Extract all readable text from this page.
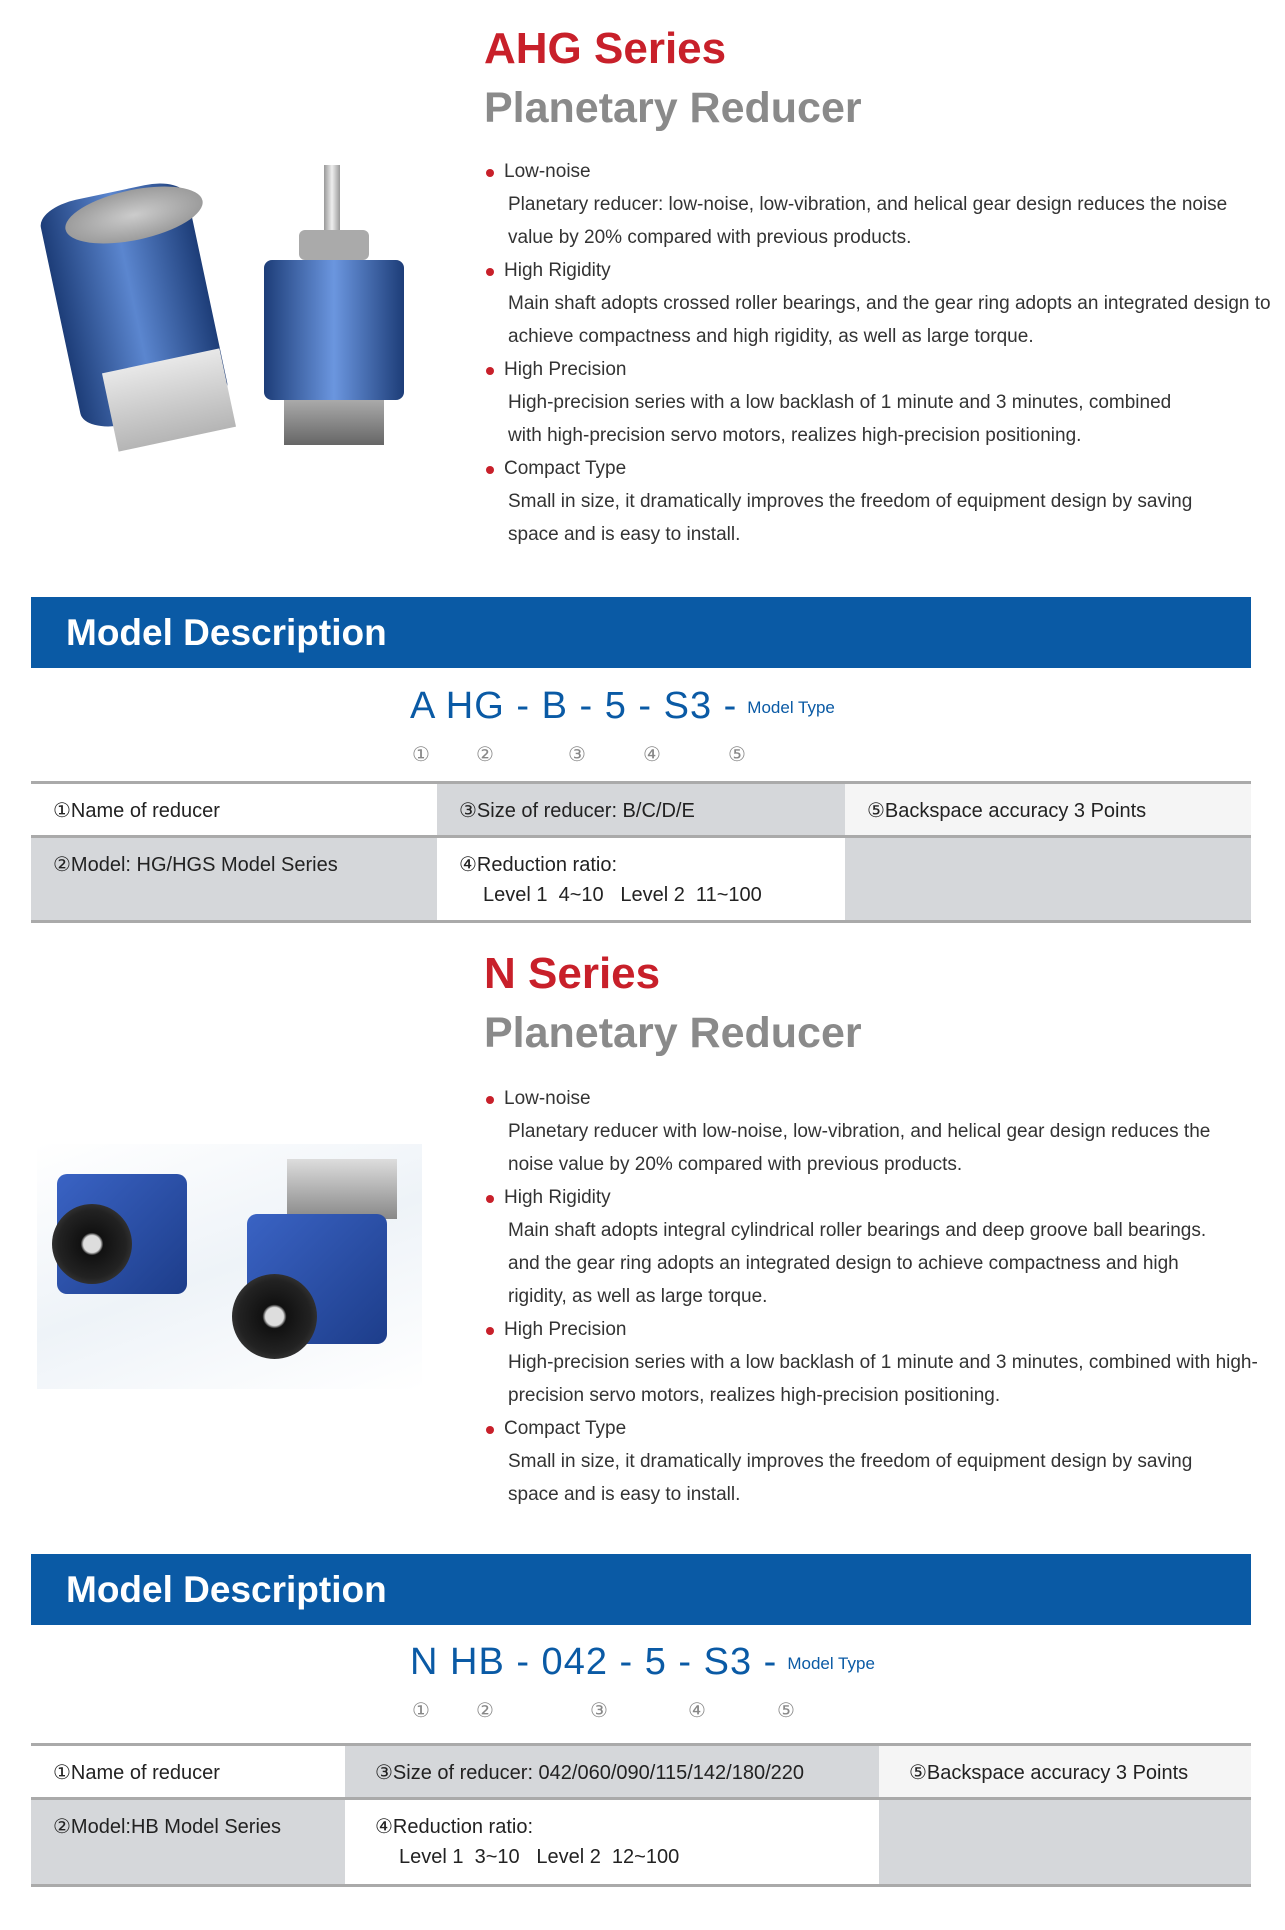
AHG Series
Planetary Reducer
Low-noise
Planetary reducer: low-noise, low-vibration, and helical gear design reduces the noise value by 20% compared with previous products.
High Rigidity
Main shaft adopts crossed roller bearings, and the gear ring adopts an integrated design to achieve compactness and high rigidity, as well as large torque.
High Precision
High-precision series with a low backlash of 1 minute and 3 minutes, combined with high-precision servo motors, realizes high-precision positioning.
Compact Type
Small in size, it dramatically improves the freedom of equipment design by saving space and is easy to install.
Model Description
A HG - B - 5 - S3 - Model Type
① ②	③	④	⑤
①Name of reducer	③Size of reducer: B/C/D/E	⑤Backspace accuracy 3 Points
②Model: HG/HGS Model Series	④Reduction ratio:
Level 1  4~10   Level 2  11~100
N Series
Planetary Reducer
Low-noise
Planetary reducer with low-noise, low-vibration, and helical gear design reduces the noise value by 20% compared with previous products.
High Rigidity
Main shaft adopts integral cylindrical roller bearings and deep groove ball bearings. and the gear ring adopts an integrated design to achieve compactness and high rigidity, as well as large torque.
High Precision
High-precision series with a low backlash of 1 minute and 3 minutes, combined with high-precision servo motors, realizes high-precision positioning.
Compact Type
Small in size, it dramatically improves the freedom of equipment design by saving space and is easy to install.
Model Description
N HB - 042 - 5 - S3 - Model Type
① ②	③	④	⑤
①Name of reducer	③Size of reducer: 042/060/090/115/142/180/220	⑤Backspace accuracy 3 Points
②Model:HB Model Series	④Reduction ratio:
Level 1  3~10   Level 2  12~100
